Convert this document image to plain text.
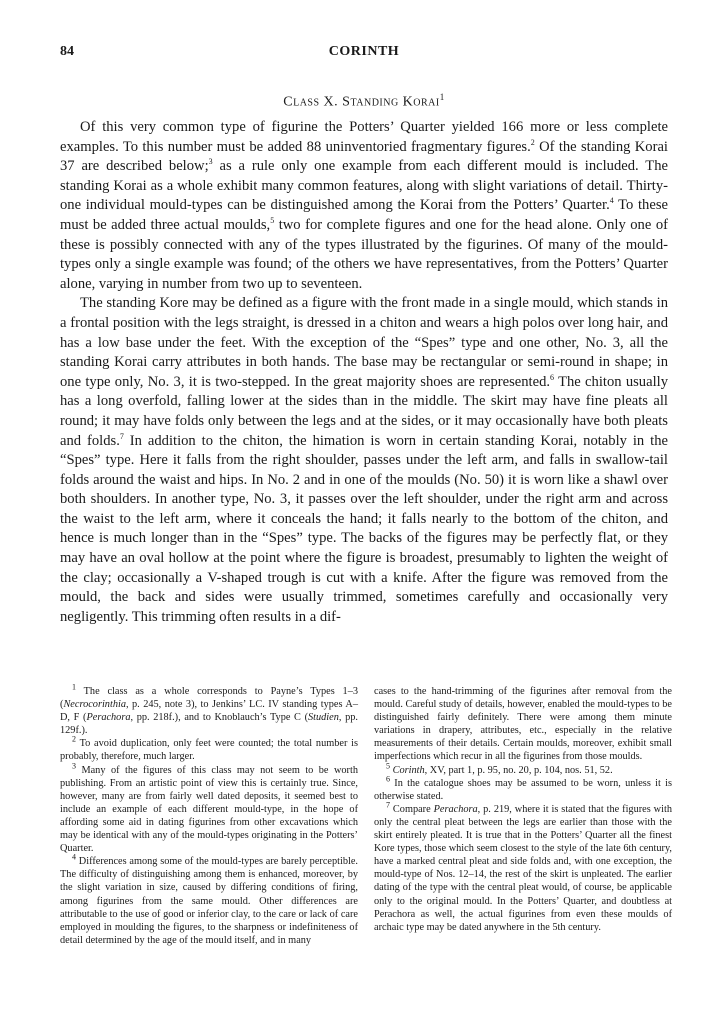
84	CORINTH
Class X. Standing Korai$^1$

Of this very common type of figurine the Potters’ Quarter yielded 166 more or less complete examples. To this number must be added 88 uninventoried fragmentary figures.$^2$ Of the standing Korai 37 are described below;$^3$ as a rule only one example from each different mould is included. The standing Korai as a whole exhibit many common features, along with slight variations of detail. Thirty-one individual mould-types can be distinguished among the Korai from the Potters’ Quarter.$^4$ To these must be added three actual moulds,$^5$ two for complete figures and one for the head alone. Only one of these is possibly connected with any of the types illustrated by the figurines. Of many of the mould-types only a single example was found; of the others we have representatives, from the Potters’ Quarter alone, varying in number from two up to seventeen.

The standing Kore may be defined as a figure with the front made in a single mould, which stands in a frontal position with the legs straight, is dressed in a chiton and wears a high polos over long hair, and has a low base under the feet. With the exception of the “Spes” type and one other, No. 3, all the standing Korai carry attributes in both hands. The base may be rectangular or semi-round in shape; in one type only, No. 3, it is two-stepped. In the great majority shoes are represented.$^6$ The chiton usually has a long overfold, falling lower at the sides than in the middle. The skirt may have fine pleats all round; it may have folds only between the legs and at the sides, or it may occasionally have both pleats and folds.$^7$ In addition to the chiton, the himation is worn in certain standing Korai, notably in the “Spes” type. Here it falls from the right shoulder, passes under the left arm, and falls in swallow-tail folds around the waist and hips. In No. 2 and in one of the moulds (No. 50) it is worn like a shawl over both shoulders. In another type, No. 3, it passes over the left shoulder, under the right arm and across the waist to the left arm, where it conceals the hand; it falls nearly to the bottom of the chiton, and hence is much longer than in the “Spes” type. The backs of the figures may be perfectly flat, or they may have an oval hollow at the point where the figure is broadest, presumably to lighten the weight of the clay; occasionally a V-shaped trough is cut with a knife. After the figure was removed from the mould, the back and sides were usually trimmed, sometimes carefully and occasionally very negligently. This trimming often results in a dif-

$^1$ The class as a whole corresponds to Payne’s Types 1–3 (Necrocorinthia, p. 245, note 3), to Jenkins’ LC. IV standing types A–D, F (Perachora, pp. 218f.), and to Knoblauch’s Type C (Studien, pp. 129f.).

$^2$ To avoid duplication, only feet were counted; the total number is probably, therefore, much larger.

$^3$ Many of the figures of this class may not seem to be worth publishing. From an artistic point of view this is certainly true. Since, however, many are from fairly well dated deposits, it seemed best to include an example of each different mould-type, in the hope of affording some aid in dating figurines from other excavations which may be identical with any of the mould-types originating in the Potters’ Quarter.

$^4$ Differences among some of the mould-types are barely perceptible. The difficulty of distinguishing among them is enhanced, moreover, by the slight variation in size, caused by differing conditions of firing, among figurines from the same mould. Other differences are attributable to the use of good or inferior clay, to the care or lack of care employed in moulding the figures, to the sharpness or indefiniteness of detail determined by the age of the mould itself, and in many

cases to the hand-trimming of the figurines after removal from the mould. Careful study of details, however, enabled the mould-types to be distinguished fairly definitely. There were among them minute variations in drapery, attributes, etc., especially in the relative measurements of their details. Certain moulds, moreover, exhibit small imperfections which recur in all the figurines from those moulds.

$^5$ Corinth, XV, part 1, p. 95, no. 20, p. 104, nos. 51, 52.

$^6$ In the catalogue shoes may be assumed to be worn, unless it is otherwise stated.

$^7$ Compare Perachora, p. 219, where it is stated that the figures with only the central pleat between the legs are earlier than those with the skirt entirely pleated. It is true that in the Potters’ Quarter all the finest Kore types, those which seem closest to the style of the late 6th century, have a marked central pleat and side folds and, with one exception, the mould-type of Nos. 12–14, the rest of the skirt is unpleated. The earlier dating of the type with the central pleat would, of course, be applicable only to the original mould. In the Potters’ Quarter, and doubtless at Perachora as well, the actual figurines from even these moulds of archaic type may be dated anywhere in the 5th century.
